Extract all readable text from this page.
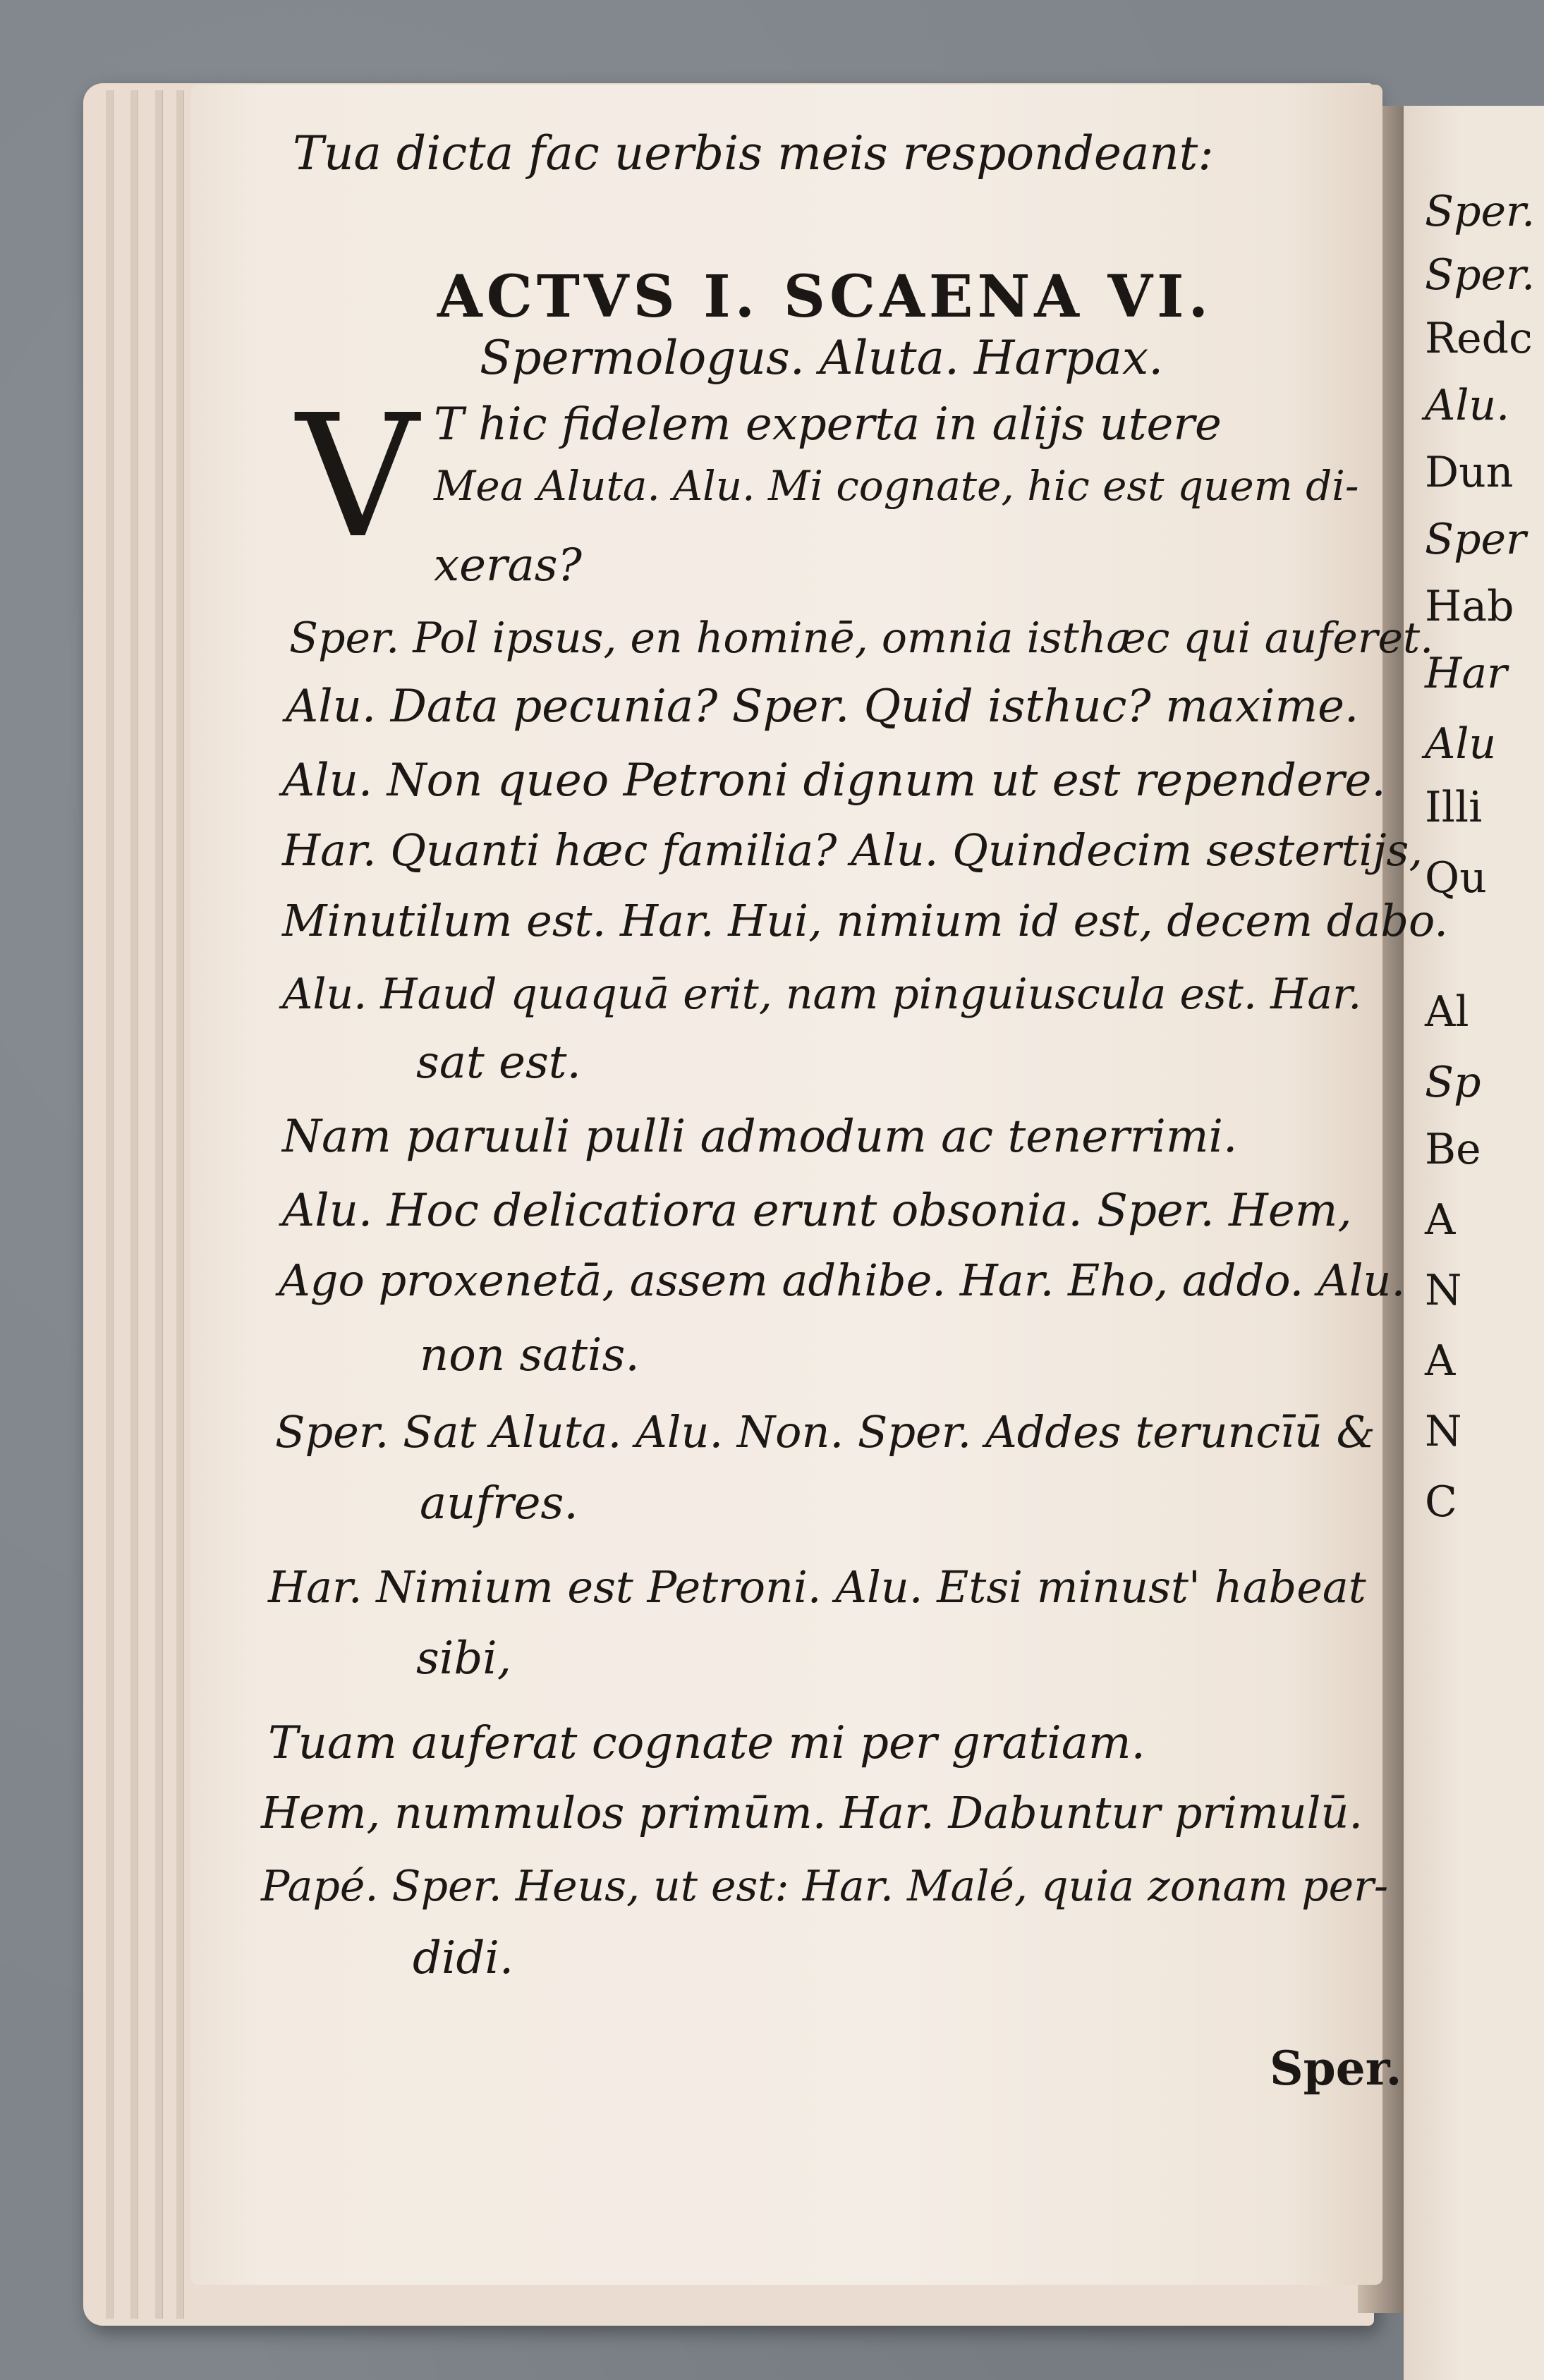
Tua dicta fac uerbis meis respondeant:
ACTVS I. SCAENA VI.
Spermologus. Aluta. Harpax.
V T hic fidelem experta in alijs utere
Mea Aluta. Alu. Mi cognate, hic est quem di-
xeras?
Sper. Pol ipsus, en hominē, omnia isthæc qui auferet.
Alu. Data pecunia? Sper. Quid isthuc? maxime.
Alu. Non queo Petroni dignum ut est rependere.
Har. Quanti hæc familia? Alu. Quindecim sestertijs,
Minutilum est. Har. Hui, nimium id est, decem dabo.
Alu. Haud quaquā erit, nam pinguiuscula est. Har.
sat est.
Nam paruuli pulli admodum ac tenerrimi.
Alu. Hoc delicatiora erunt obsonia. Sper. Hem,
Ago proxenetā, assem adhibe. Har. Eho, addo. Alu.
non satis.
Sper. Sat Aluta. Alu. Non. Sper. Addes teruncīū &
aufres.
Har. Nimium est Petroni. Alu. Etsi minust' habeat
sibi,
Tuam auferat cognate mi per gratiam.
Hem, nummulos primūm. Har. Dabuntur primulū.
Papé. Sper. Heus, ut est: Har. Malé, quia zonam per-
didi.
Sper.
Sper.
Sper.
Redc
Alu.
Dun
Sper
Hab
Har
Alu
Illi
Qu
Al
Sp
Be
A
N
A
N
C
